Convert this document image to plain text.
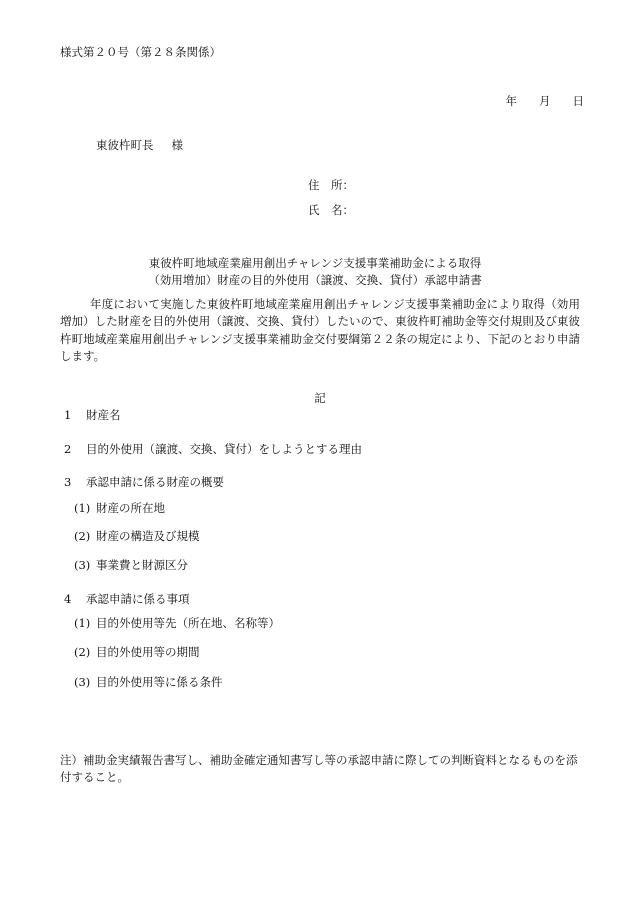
様式第２０号（第２８条関係）
年 月 日
東彼杵町長 様
住　所：
氏　名：
東彼杵町地域産業雇用創出チャレンジ支援事業補助金による取得
（効用増加）財産の目的外使用（譲渡、交換、貸付）承認申請書
年度において実施した東彼杵町地域産業雇用創出チャレンジ支援事業補助金により取得（効用増加）した財産を目的外使用（譲渡、交換、貸付）したいので、東彼杵町補助金等交付規則及び東彼杵町地域産業雇用創出チャレンジ支援事業補助金交付要綱第２２条の規定により、下記のとおり申請します。
記
1 財産名
2 目的外使用（譲渡、交換、貸付）をしようとする理由
3 承認申請に係る財産の概要
(1) 財産の所在地
(2) 財産の構造及び規模
(3) 事業費と財源区分
4 承認申請に係る事項
(1) 目的外使用等先（所在地、名称等）
(2) 目的外使用等の期間
(3) 目的外使用等に係る条件
注）補助金実績報告書写し、補助金確定通知書写し等の承認申請に際しての判断資料となるものを添付すること。
